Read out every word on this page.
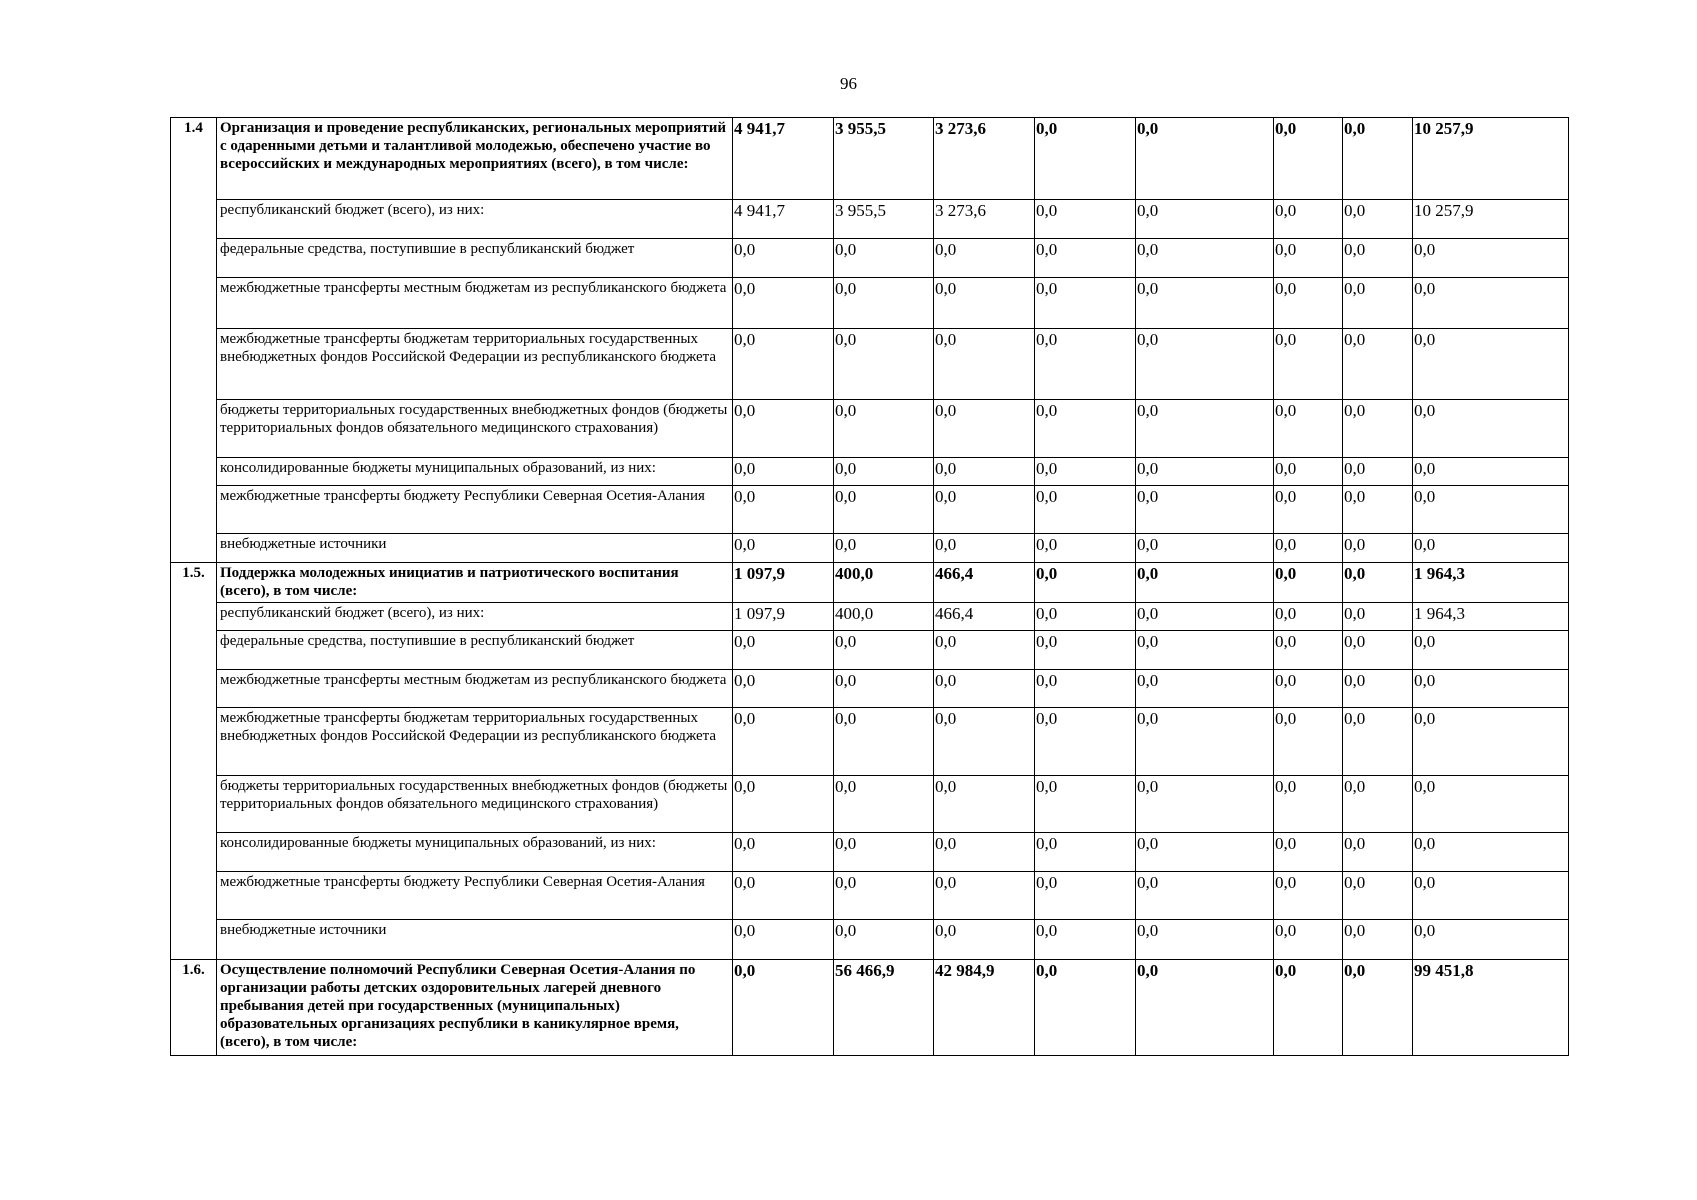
96
1.4	Организация и проведение республиканских, региональных мероприятий с одаренными детьми и талантливой молодежью, обеспечено участие во всероссийских и международных мероприятиях (всего), в том числе:	4 941,7	3 955,5	3 273,6	0,0	0,0	0,0	0,0	10 257,9
	республиканский бюджет (всего), из них:	4 941,7	3 955,5	3 273,6	0,0	0,0	0,0	0,0	10 257,9
	федеральные средства, поступившие в республиканский бюджет	0,0	0,0	0,0	0,0	0,0	0,0	0,0	0,0
	межбюджетные трансферты местным бюджетам из республиканского бюджета	0,0	0,0	0,0	0,0	0,0	0,0	0,0	0,0
	межбюджетные трансферты бюджетам территориальных государственных внебюджетных фондов Российской Федерации из республиканского бюджета	0,0	0,0	0,0	0,0	0,0	0,0	0,0	0,0
	бюджеты территориальных государственных внебюджетных фондов (бюджеты территориальных фондов обязательного медицинского страхования)	0,0	0,0	0,0	0,0	0,0	0,0	0,0	0,0
	консолидированные бюджеты муниципальных образований, из них:	0,0	0,0	0,0	0,0	0,0	0,0	0,0	0,0
	межбюджетные трансферты бюджету Республики Северная Осетия-Алания	0,0	0,0	0,0	0,0	0,0	0,0	0,0	0,0
	внебюджетные источники	0,0	0,0	0,0	0,0	0,0	0,0	0,0	0,0
1.5.	Поддержка молодежных инициатив и патриотического воспитания (всего), в том числе:	1 097,9	400,0	466,4	0,0	0,0	0,0	0,0	1 964,3
	республиканский бюджет (всего), из них:	1 097,9	400,0	466,4	0,0	0,0	0,0	0,0	1 964,3
	федеральные средства, поступившие в республиканский бюджет	0,0	0,0	0,0	0,0	0,0	0,0	0,0	0,0
	межбюджетные трансферты местным бюджетам из республиканского бюджета	0,0	0,0	0,0	0,0	0,0	0,0	0,0	0,0
	межбюджетные трансферты бюджетам территориальных государственных внебюджетных фондов Российской Федерации из республиканского бюджета	0,0	0,0	0,0	0,0	0,0	0,0	0,0	0,0
	бюджеты территориальных государственных внебюджетных фондов (бюджеты территориальных фондов обязательного медицинского страхования)	0,0	0,0	0,0	0,0	0,0	0,0	0,0	0,0
	консолидированные бюджеты муниципальных образований, из них:	0,0	0,0	0,0	0,0	0,0	0,0	0,0	0,0
	межбюджетные трансферты бюджету Республики Северная Осетия-Алания	0,0	0,0	0,0	0,0	0,0	0,0	0,0	0,0
	внебюджетные источники	0,0	0,0	0,0	0,0	0,0	0,0	0,0	0,0
1.6.	Осуществление полномочий Республики Северная Осетия-Алания по организации работы детских оздоровительных лагерей дневного пребывания детей при государственных (муниципальных) образовательных организациях республики в каникулярное время, (всего), в том числе:	0,0	56 466,9	42 984,9	0,0	0,0	0,0	0,0	99 451,8
